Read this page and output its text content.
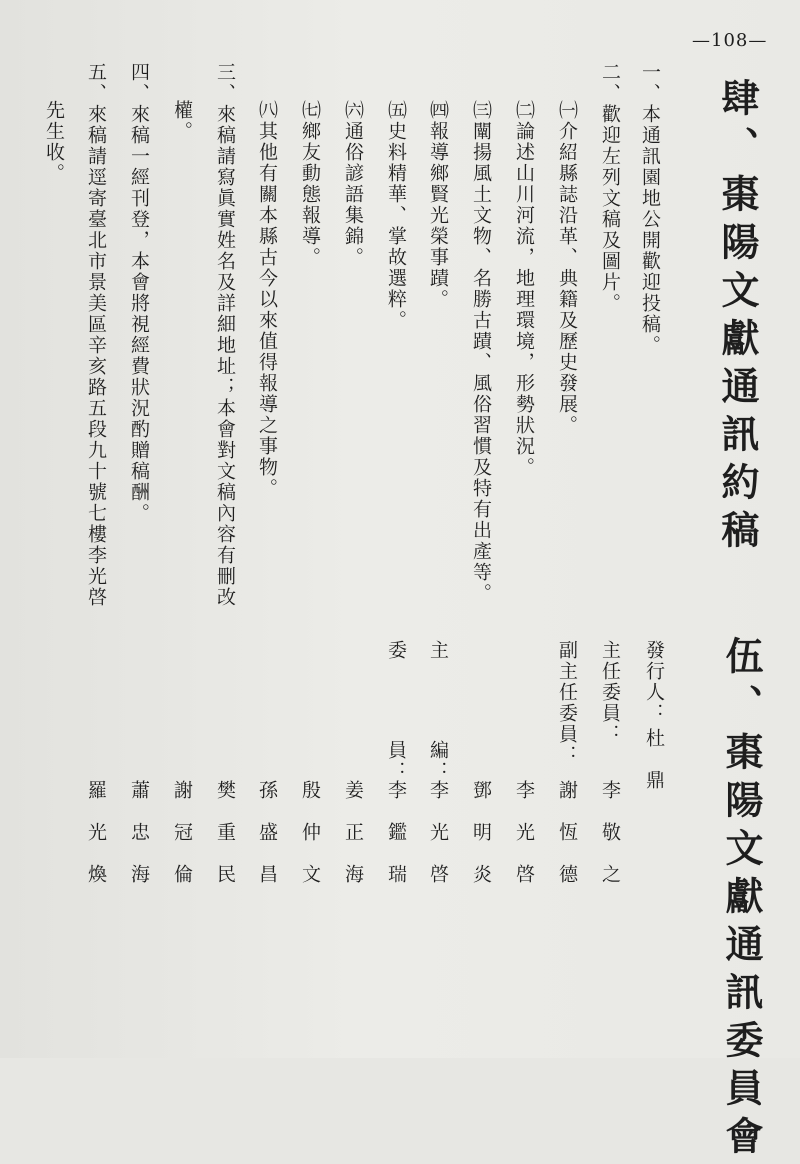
—108—
肆、棗陽文獻通訊約稿
一、本通訊園地公開歡迎投稿。
二、歡迎左列文稿及圖片。
㈠介紹縣誌沿革、典籍及歷史發展。
㈡論述山川河流，地理環境，形勢狀況。
㈢闡揚風土文物、名勝古蹟、風俗習慣及特有出產等。
㈣報導鄉賢光榮事蹟。
㈤史料精華、掌故選粹。
㈥通俗諺語集錦。
㈦鄉友動態報導。
㈧其他有關本縣古今以來值得報導之事物。
三、來稿請寫眞實姓名及詳細地址；本會對文稿內容有刪改
權。
四、來稿一經刊登，本會將視經費狀況酌贈稿酬。
五、來稿請逕寄臺北市景美區辛亥路五段九十號七樓李光啓
先生收。
伍、棗陽文獻通訊委員會
發行人：
杜　鼎
主任委員：
李　敬　之
副主任委員：
謝　恆　德
李　光　啓
鄧　明　炎
主
編：
李　光　啓
委
員：
李　鑑　瑞
姜　正　海
殷　仲　文
孫　盛　昌
樊　重　民
謝　冠　倫
蕭　忠　海
羅　光　煥
